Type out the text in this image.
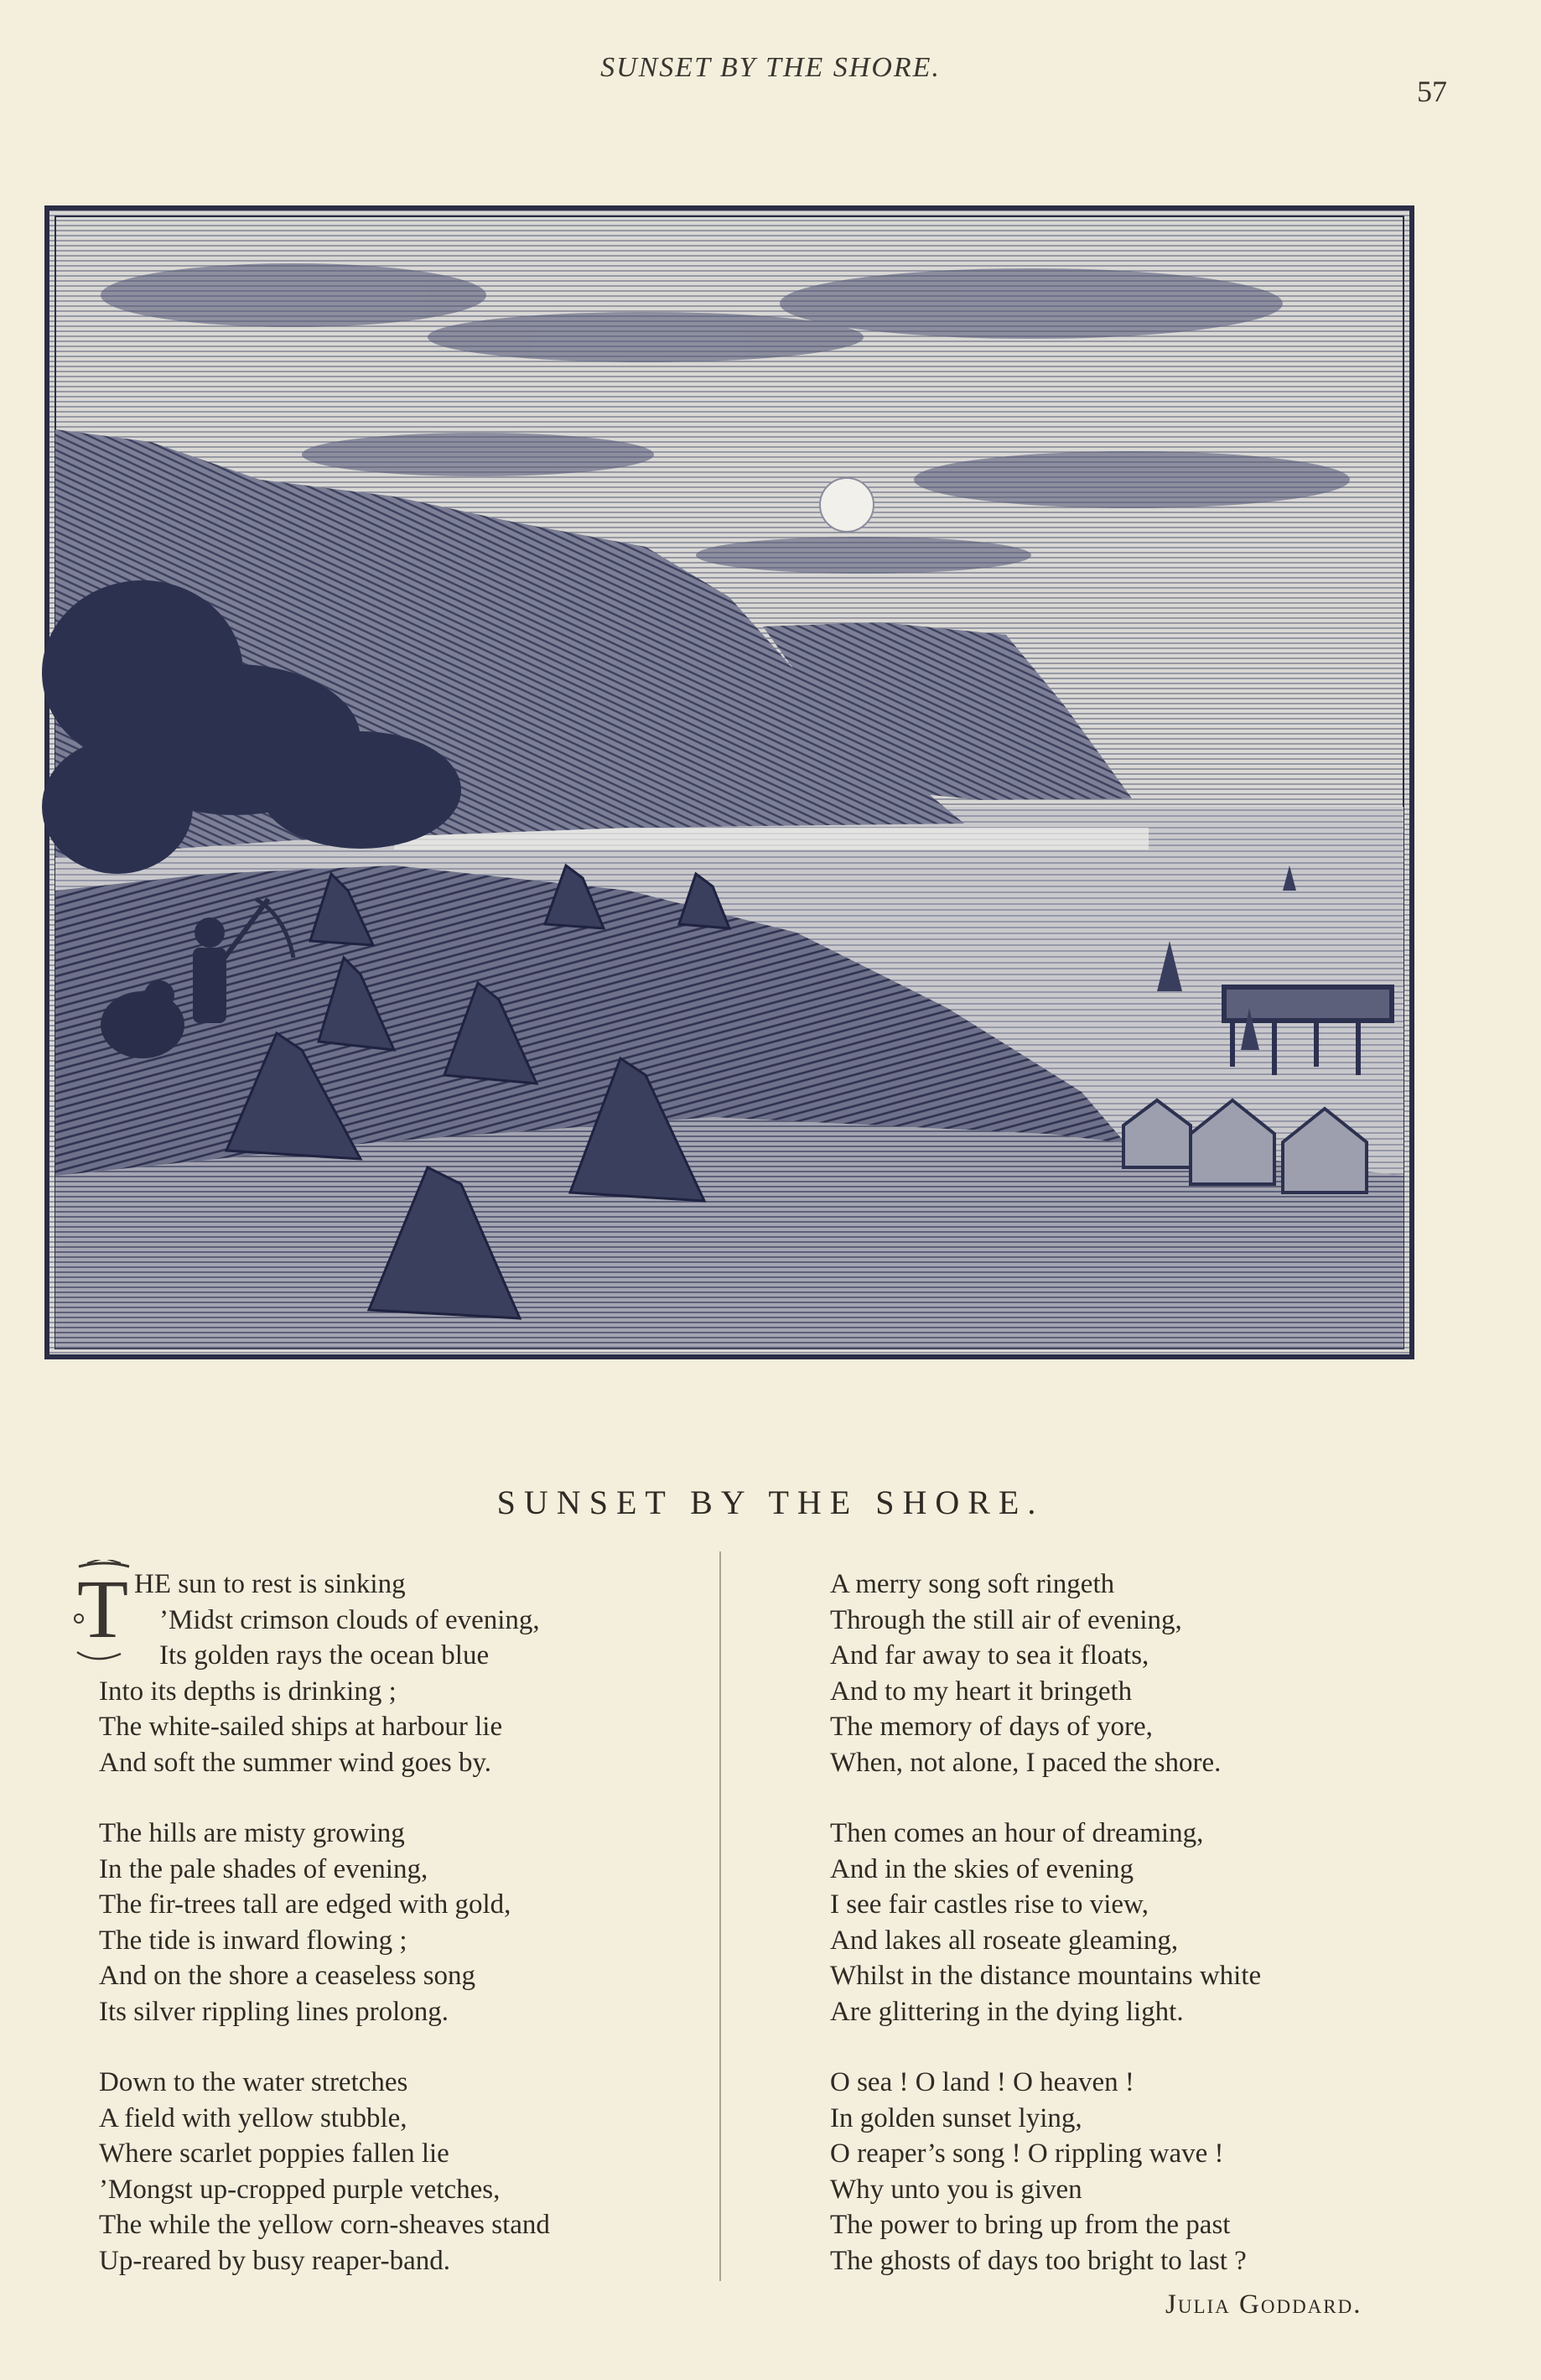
SUNSET BY THE SHORE.
57
SUNSET BY THE SHORE.
T HE sun to rest is sinking
’Midst crimson clouds of evening,
Its golden rays the ocean blue
Into its depths is drinking ;
The white-sailed ships at harbour lie
And soft the summer wind goes by.
The hills are misty growing
In the pale shades of evening,
The fir-trees tall are edged with gold,
The tide is inward flowing ;
And on the shore a ceaseless song
Its silver rippling lines prolong.
Down to the water stretches
A field with yellow stubble,
Where scarlet poppies fallen lie
’Mongst up-cropped purple vetches,
The while the yellow corn-sheaves stand
Up-reared by busy reaper-band.
A merry song soft ringeth
Through the still air of evening,
And far away to sea it floats,
And to my heart it bringeth
The memory of days of yore,
When, not alone, I paced the shore.
Then comes an hour of dreaming,
And in the skies of evening
I see fair castles rise to view,
And lakes all roseate gleaming,
Whilst in the distance mountains white
Are glittering in the dying light.
O sea ! O land ! O heaven !
In golden sunset lying,
O reaper’s song ! O rippling wave !
Why unto you is given
The power to bring up from the past
The ghosts of days too bright to last ?
Julia Goddard.
